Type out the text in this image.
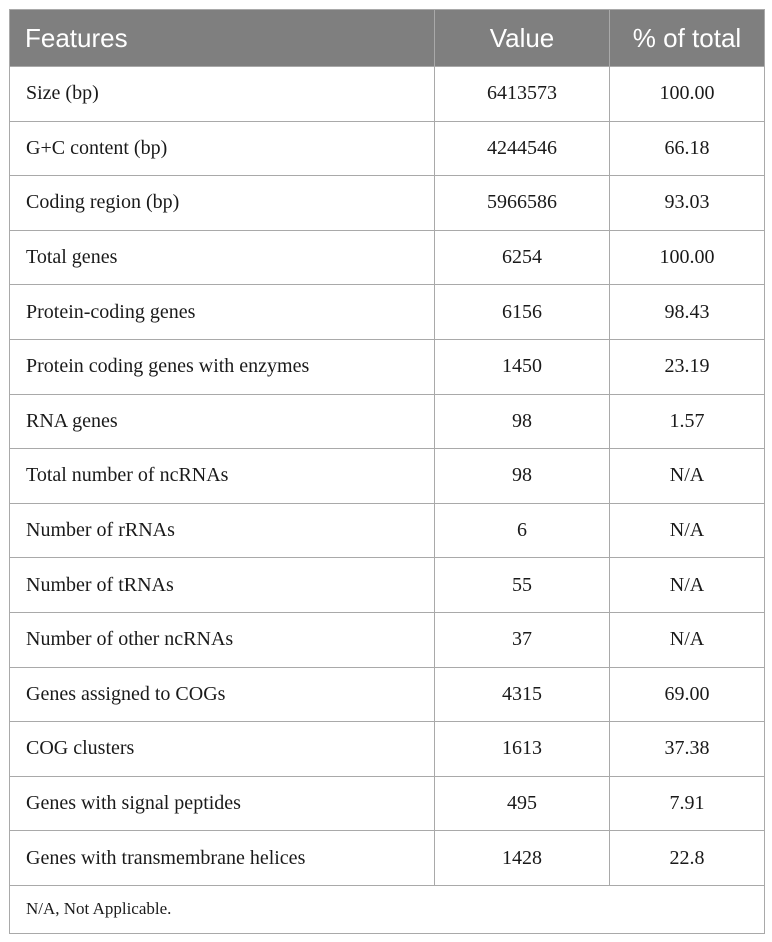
Features	Value	% of total
Size (bp)	6413573	100.00
G+C content (bp)	4244546	66.18
Coding region (bp)	5966586	93.03
Total genes	6254	100.00
Protein-coding genes	6156	98.43
Protein coding genes with enzymes	1450	23.19
RNA genes	98	1.57
Total number of ncRNAs	98	N/A
Number of rRNAs	6	N/A
Number of tRNAs	55	N/A
Number of other ncRNAs	37	N/A
Genes assigned to COGs	4315	69.00
COG clusters	1613	37.38
Genes with signal peptides	495	7.91
Genes with transmembrane helices	1428	22.8
N/A, Not Applicable.		
